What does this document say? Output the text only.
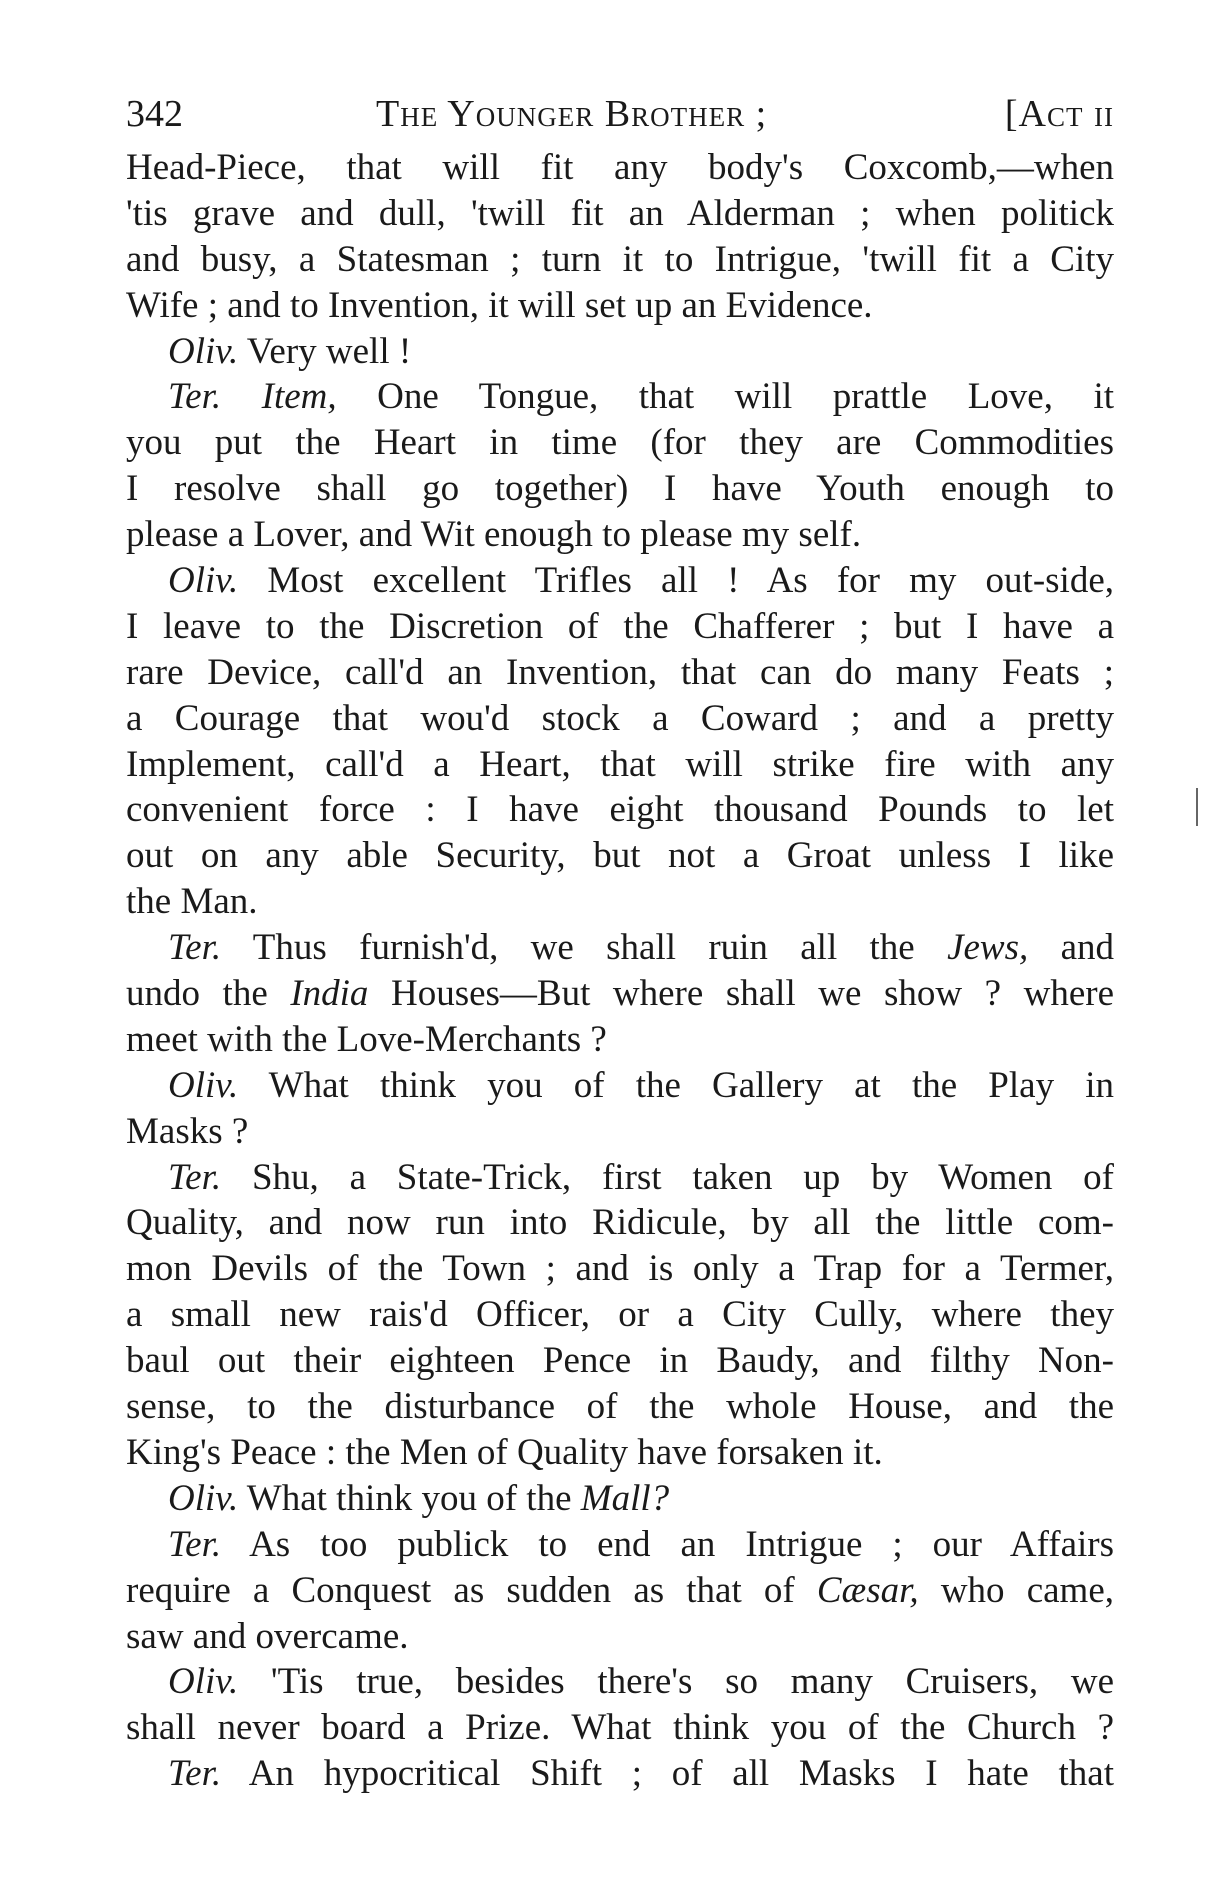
342	The Younger Brother ;	[Act ii
Head-Piece, that will fit any body's Coxcomb,—when
'tis grave and dull, 'twill fit an Alderman ; when politick
and busy, a Statesman ; turn it to Intrigue, 'twill fit a City
Wife ; and to Invention, it will set up an Evidence.
Oliv. Very well !
Ter. Item, One Tongue, that will prattle Love, it
you put the Heart in time (for they are Commodities
I resolve shall go together) I have Youth enough to
please a Lover, and Wit enough to please my self.
Oliv. Most excellent Trifles all ! As for my out-side,
I leave to the Discretion of the Chafferer ; but I have a
rare Device, call'd an Invention, that can do many Feats ;
a Courage that wou'd stock a Coward ; and a pretty
Implement, call'd a Heart, that will strike fire with any
convenient force : I have eight thousand Pounds to let
out on any able Security, but not a Groat unless I like
the Man.
Ter. Thus furnish'd, we shall ruin all the Jews, and
undo the India Houses—But where shall we show ? where
meet with the Love-Merchants ?
Oliv. What think you of the Gallery at the Play in
Masks ?
Ter. Shu, a State-Trick, first taken up by Women of
Quality, and now run into Ridicule, by all the little com-
mon Devils of the Town ; and is only a Trap for a Termer,
a small new rais'd Officer, or a City Cully, where they
baul out their eighteen Pence in Baudy, and filthy Non-
sense, to the disturbance of the whole House, and the
King's Peace : the Men of Quality have forsaken it.
Oliv. What think you of the Mall?
Ter. As too publick to end an Intrigue ; our Affairs
require a Conquest as sudden as that of Cæsar, who came,
saw and overcame.
Oliv. 'Tis true, besides there's so many Cruisers, we
shall never board a Prize. What think you of the Church ?
Ter. An hypocritical Shift ; of all Masks I hate that
